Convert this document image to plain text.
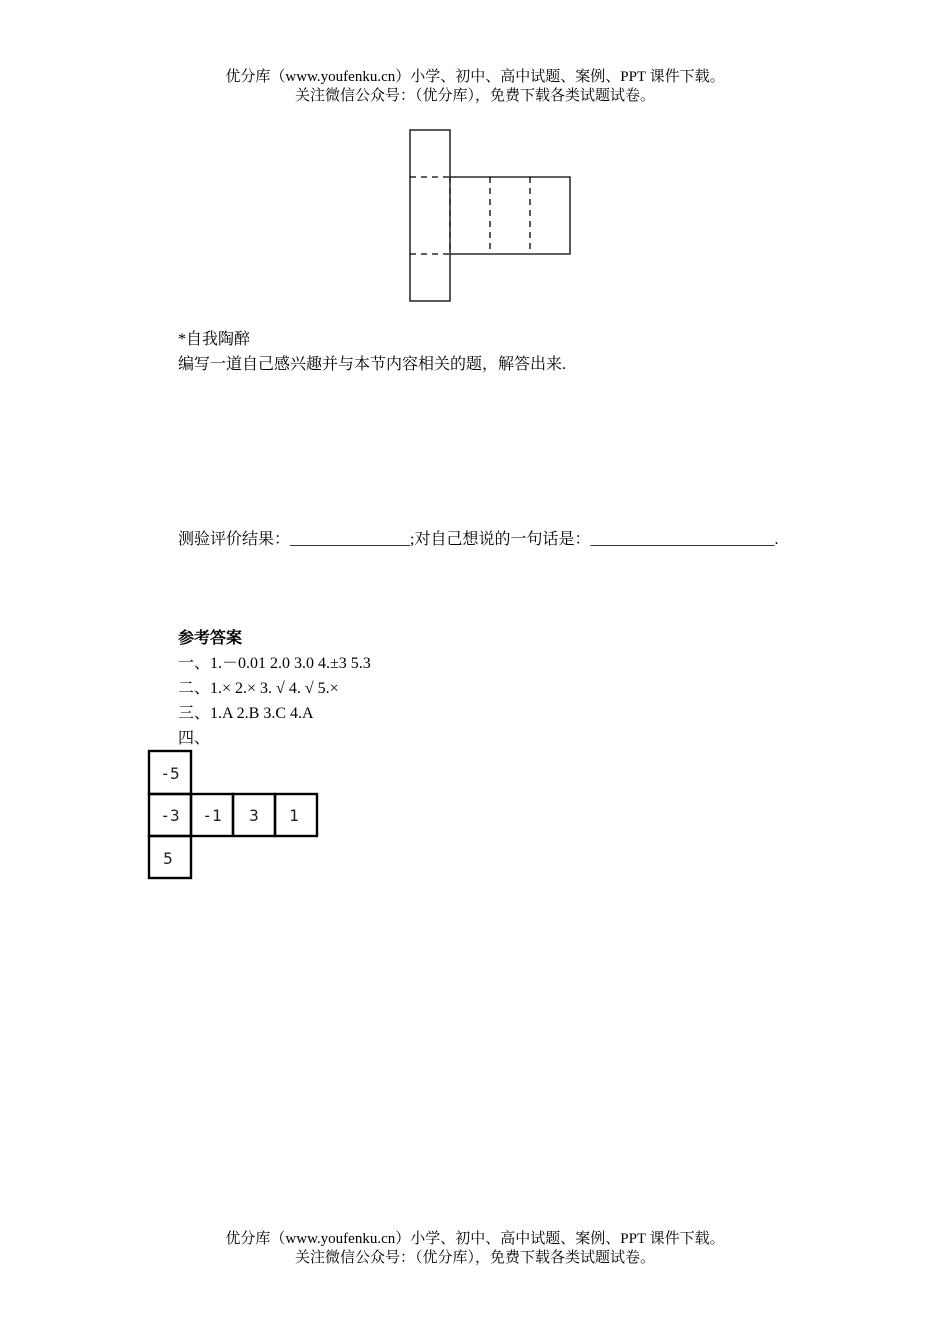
优分库（www.youfenku.cn）小学、初中、高中试题、案例、PPT 课件下载。
关注微信公众号：（优分库），免费下载各类试题试卷。
*自我陶醉
编写一道自己感兴趣并与本节内容相关的题，解答出来.
测验评价结果：_______________;对自己想说的一句话是：_______________________.
参考答案
一、1.－0.01 2.0 3.0 4.±3 5.3
二、1.× 2.× 3. √ 4. √ 5.×
三、1.A 2.B 3.C 4.A
四、
-5
-3 -1 3 1
5
优分库（www.youfenku.cn）小学、初中、高中试题、案例、PPT 课件下载。
关注微信公众号：（优分库），免费下载各类试题试卷。
